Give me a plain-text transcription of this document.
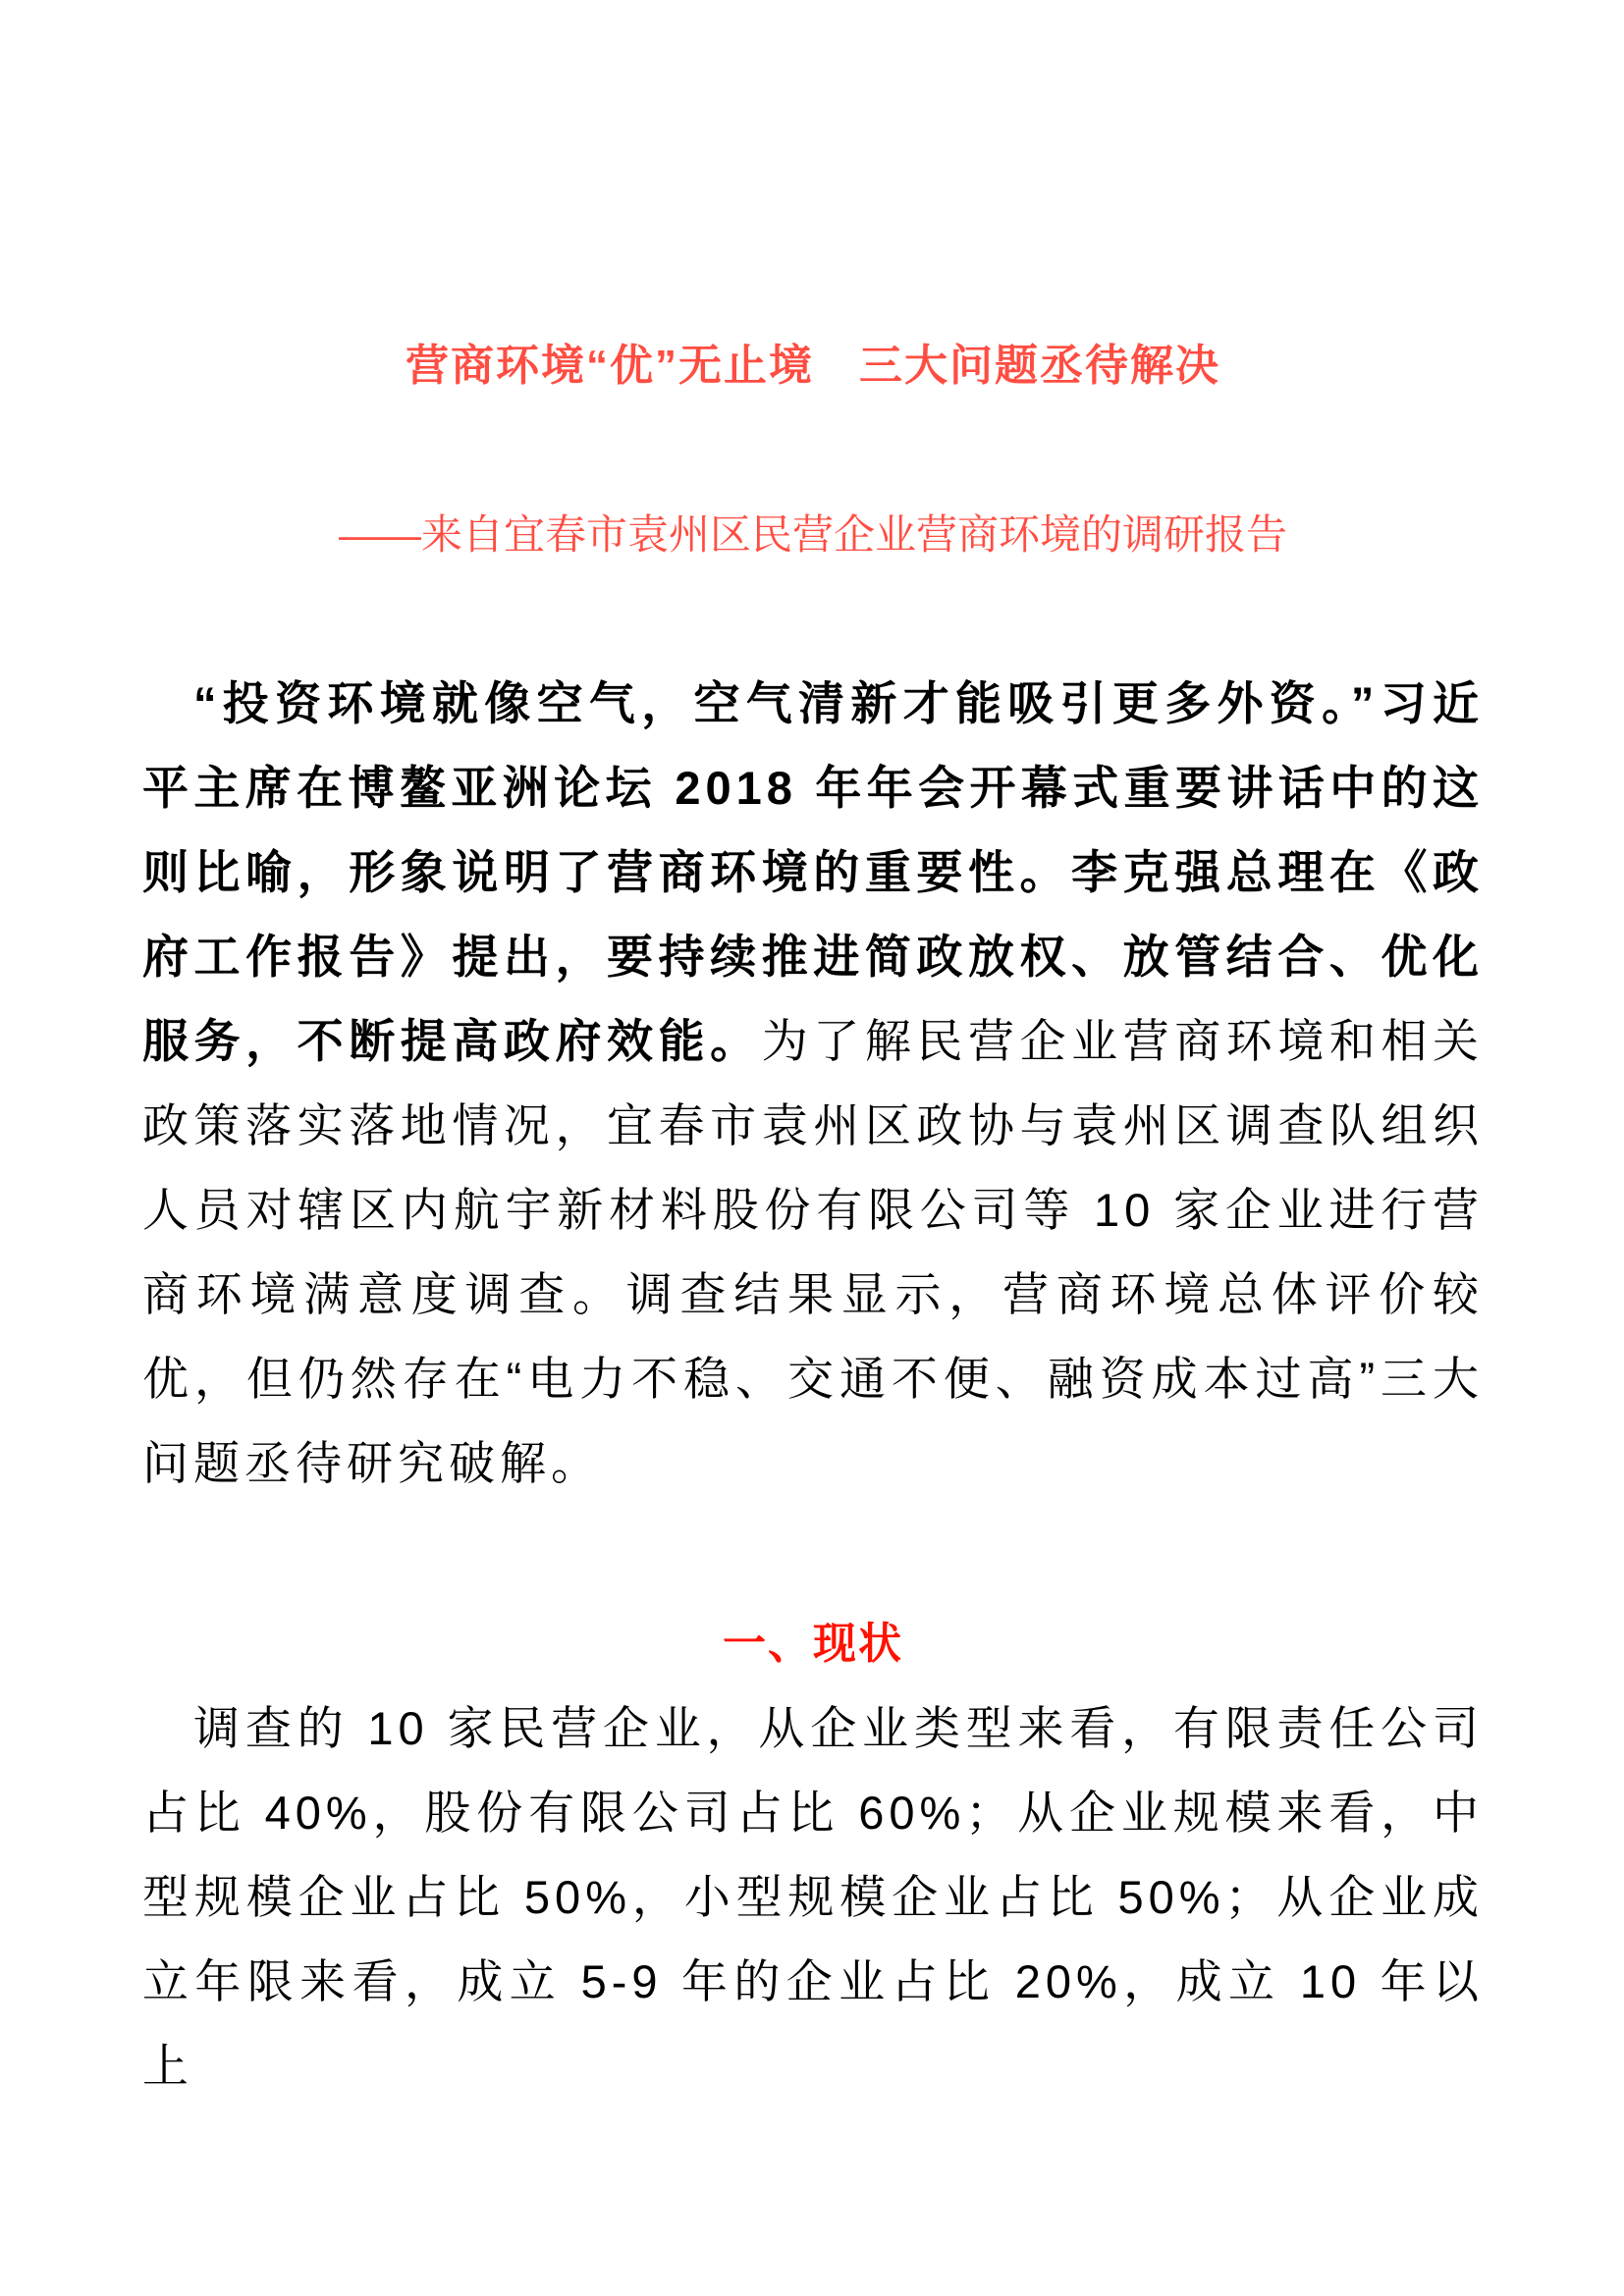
营商环境“优”无止境　三大问题丞待解决
——来自宜春市袁州区民营企业营商环境的调研报告

“投资环境就像空气，空气清新才能吸引更多外资。”习近平主席在博鳌亚洲论坛 2018 年年会开幕式重要讲话中的这则比喻，形象说明了营商环境的重要性。李克强总理在《政府工作报告》提出，要持续推进简政放权、放管结合、优化服务，不断提高政府效能。为了解民营企业营商环境和相关政策落实落地情况，宜春市袁州区政协与袁州区调查队组织人员对辖区内航宇新材料股份有限公司等 10 家企业进行营商环境满意度调查。调查结果显示，营商环境总体评价较优，但仍然存在“电力不稳、交通不便、融资成本过高”三大问题丞待研究破解。

一、现状

调查的 10 家民营企业，从企业类型来看，有限责任公司占比 40%，股份有限公司占比 60%；从企业规模来看，中型规模企业占比 50%，小型规模企业占比 50%；从企业成立年限来看，成立 5-9 年的企业占比 20%，成立 10 年以上
